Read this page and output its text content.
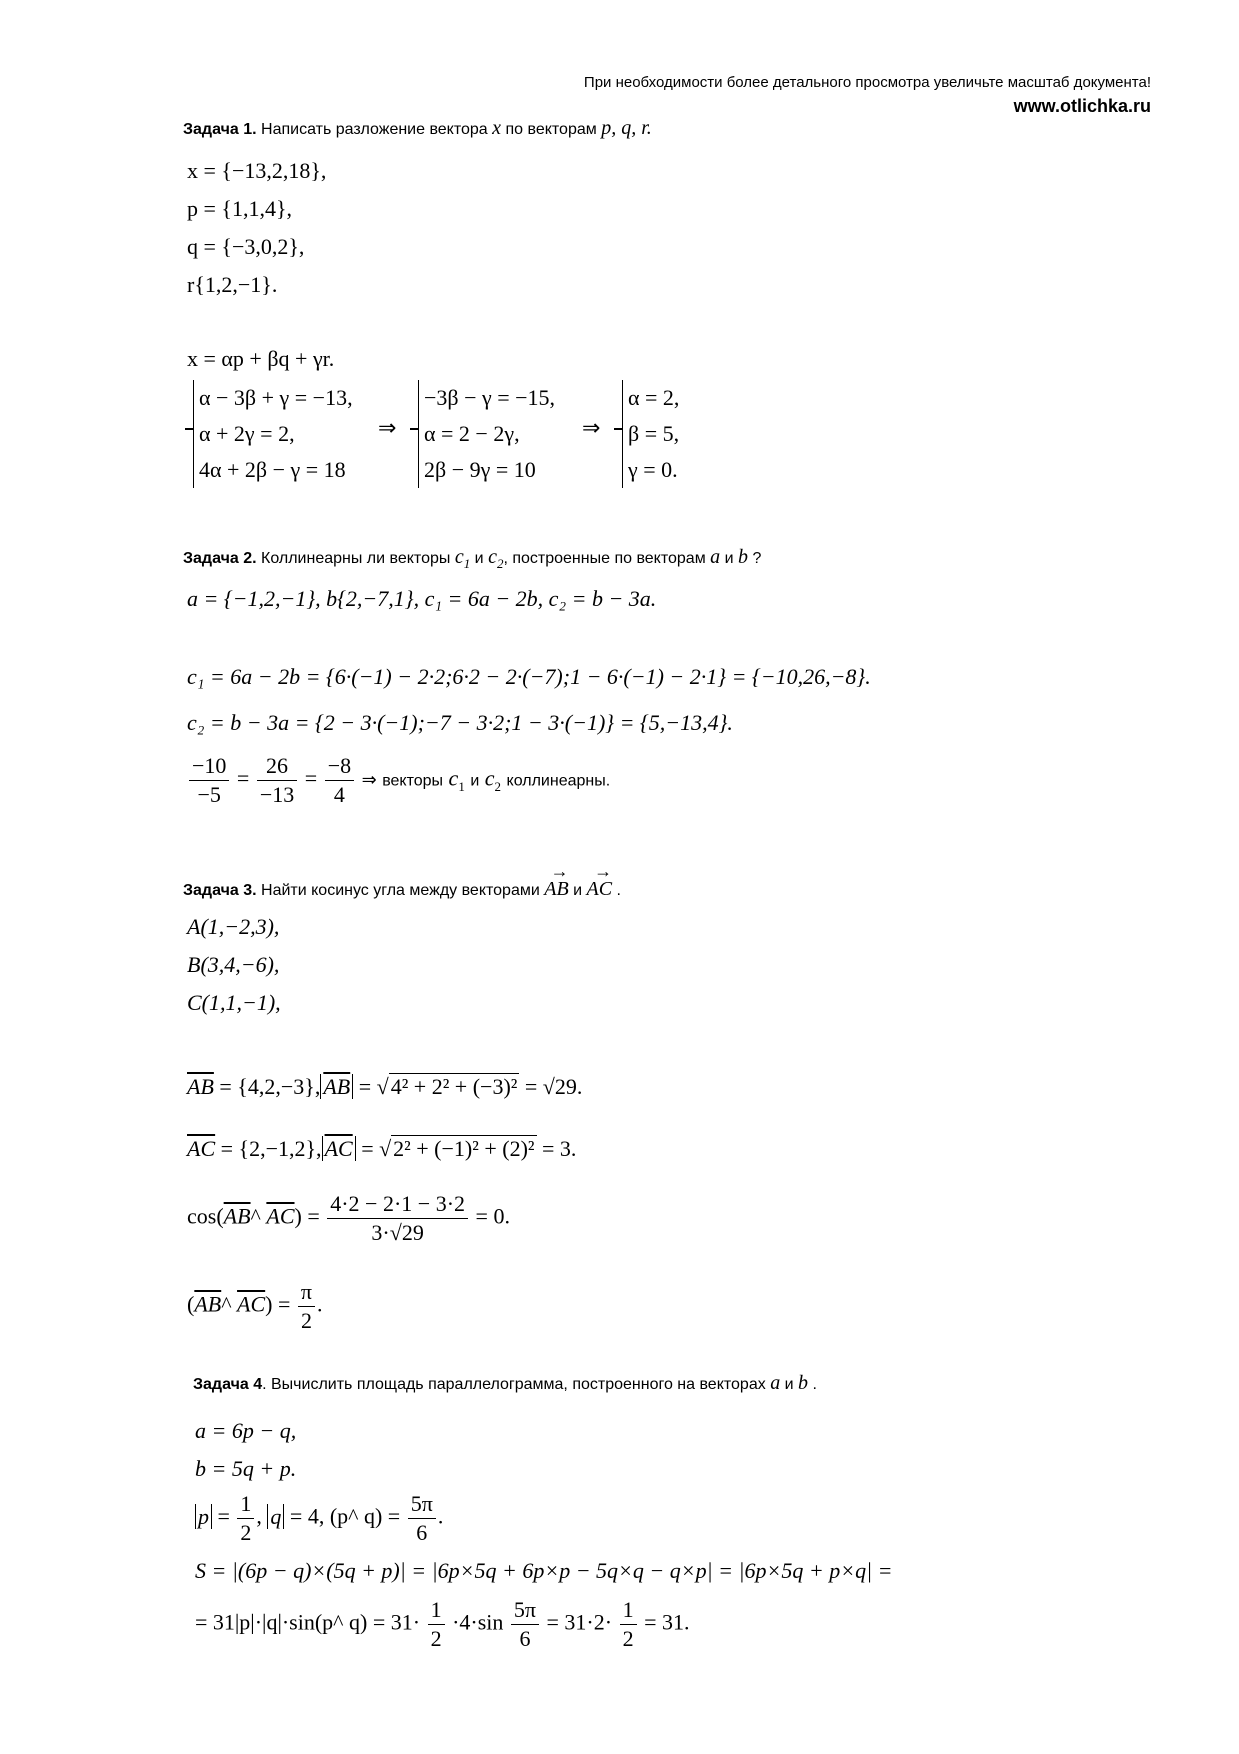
При необходимости более детального просмотра увеличьте масштаб документа!
www.otlichka.ru
Задача 1. Написать разложение вектора x по векторам p, q, r.
x = {−13,2,18},
p = {1,1,4},
q = {−3,0,2},
r{1,2,−1}.
x = αp + βq + γr.
α − 3β + γ = −13,
α + 2γ = 2,
4α + 2β − γ = 18
⇒
−3β − γ = −15,
α = 2 − 2γ,
2β − 9γ = 10
⇒
α = 2,
β = 5,
γ = 0.
Задача 2. Коллинеарны ли векторы $c_1$ и $c_2$, построенные по векторам a и b ?
a = {−1,2,−1}, b{2,−7,1}, c₁ = 6a − 2b, c₂ = b − 3a.
c₁ = 6a − 2b = {6·(−1) − 2·2;6·2 − 2·(−7);1 − 6·(−1) − 2·1} = {−10,26,−8}.
c₂ = b − 3a = {2 − 3·(−1);−7 − 3·2;1 − 3·(−1)} = {5,−13,4}.
$\frac{-10}{-5} = \frac{26}{-13} = \frac{-8}{4}$ ⇒ векторы $c_1$ и $c_2$ коллинеарны.
Задача 3. Найти косинус угла между векторами AB → и AC → .
A(1,−2,3),
B(3,4,−6),
C(1,1,−1),
$\overline{AB} = \{4,2,-3\}$, $\overline{AB} = √4^2 + 2^2 + (-3)^2 = √29$.
$\overline{AC} = \{2,-1,2\}$, $\overline{AC} = √2^2 + (-1)^2 + (2)^2 = 3$.
$\cos(\overline{AB}\^{}$ $\overline{AC}) = \frac{4\cdot 2 - 2\cdot 1 - 3\cdot 2}{3\cdot√29} = 0$.
($\overline{AB}\^{}$ $\overline{AC}) = \frac{\pi}{2}$ .
Задача 4. Вычислить площадь параллелограмма, построенного на векторах a и b .
a = 6p − q,
b = 5q + p.
$p = \frac{1}{2}$ , q = 4, (p^ $q) = \frac{5\pi}{6}$ .
S = |(6p − q)×(5q + p)| = |6p×5q + 6p×p − 5q×q − q×p| = |6p×5q + p×q| =
= 31|p|·|q|·sin(p^ $q) = 31\cdot \frac{1}{2} \cdot 4\cdot\sin \frac{5\pi}{6} = 31\cdot 2\cdot \frac{1}{2} = 31$.
